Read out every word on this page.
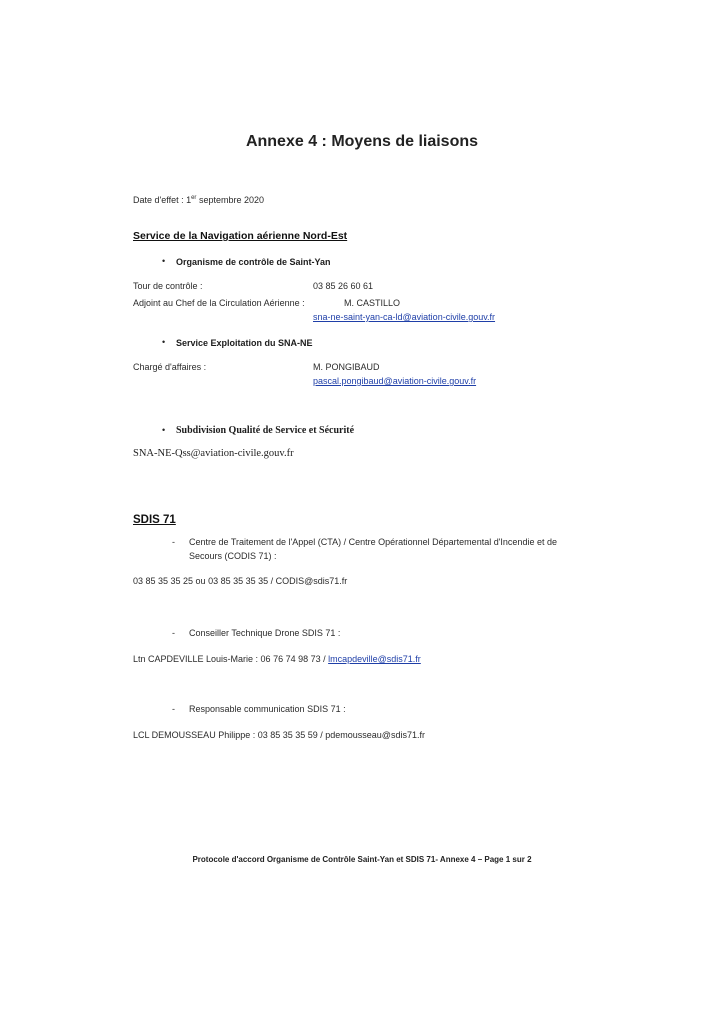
Annexe 4 : Moyens de liaisons
Date d'effet : 1er septembre 2020
Service de la Navigation aérienne Nord-Est
• Organisme de contrôle de Saint-Yan
Tour de contrôle :	03 85 26 60 61
Adjoint au Chef de la Circulation Aérienne :	M. CASTILLO
sna-ne-saint-yan-ca-ld@aviation-civile.gouv.fr
• Service Exploitation du SNA-NE
Chargé d'affaires :	M. PONGIBAUD
pascal.pongibaud@aviation-civile.gouv.fr
• Subdivision Qualité de Service et Sécurité
SNA-NE-Qss@aviation-civile.gouv.fr
SDIS 71
- Centre de Traitement de l'Appel (CTA) / Centre Opérationnel Départemental d'Incendie et de
Secours (CODIS 71) :
03 85 35 35 25 ou 03 85 35 35 35 / CODIS@sdis71.fr
- Conseiller Technique Drone SDIS 71 :
Ltn CAPDEVILLE Louis-Marie : 06 76 74 98 73 / lmcapdeville@sdis71.fr
- Responsable communication SDIS 71 :
LCL DEMOUSSEAU Philippe : 03 85 35 35 59 / pdemousseau@sdis71.fr
Protocole d'accord Organisme de Contrôle Saint-Yan et SDIS 71- Annexe 4 – Page 1 sur 2
